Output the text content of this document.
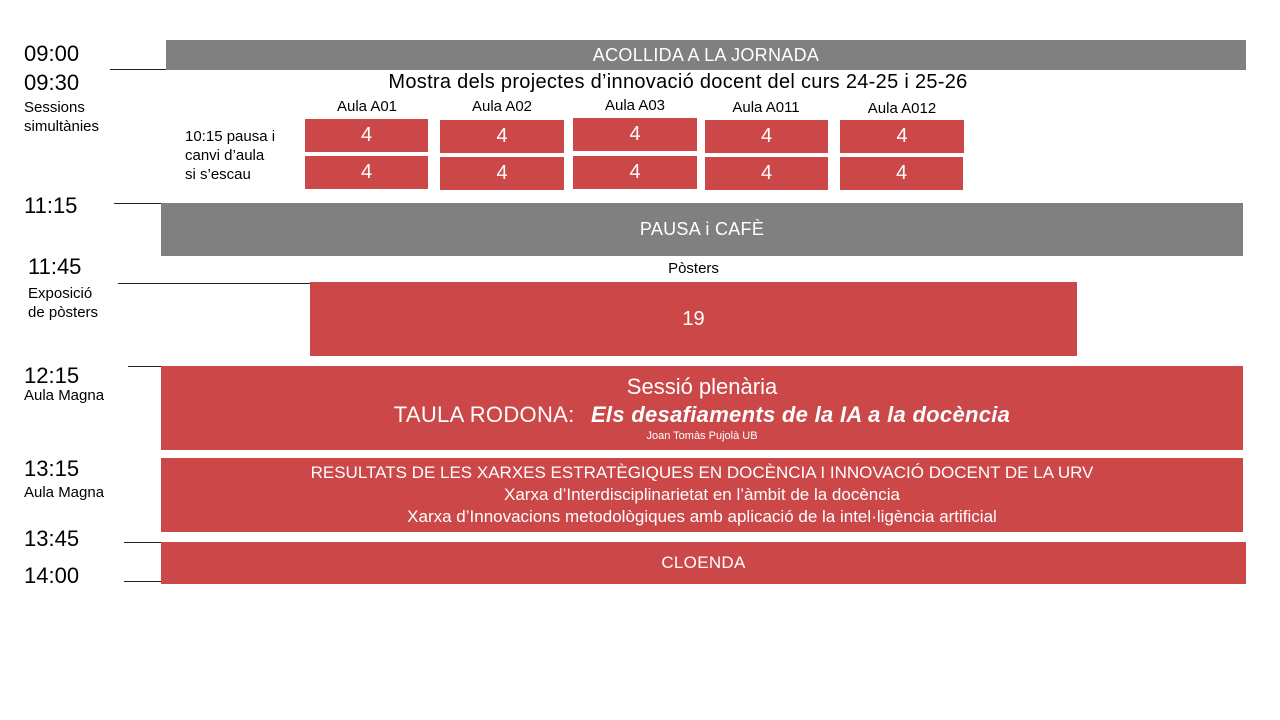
09:00
09:30
Sessions
simultànies
11:15
11:45
Exposició
de pòsters
12:15
Aula Magna
13:15
Aula Magna
13:45
14:00
ACOLLIDA A LA JORNADA
Mostra dels projectes d’innovació docent del curs 24-25 i 25-26
10:15 pausa i
canvi d’aula
si s’escau
Aula A01
4
4
Aula A02
4
4
Aula A03
4
4
Aula A011
4
4
Aula A012
4
4
PAUSA i CAFÈ
Pòsters
19
Sessió plenària
TAULA RODONA: Els desafiaments de la IA a la docència
Joan Tomàs Pujolà UB
RESULTATS DE LES XARXES ESTRATÈGIQUES EN DOCÈNCIA I INNOVACIÓ DOCENT DE LA URV
Xarxa d’Interdisciplinarietat en l’àmbit de la docència
Xarxa d’Innovacions metodològiques amb aplicació de la intel·ligència artificial
CLOENDA
